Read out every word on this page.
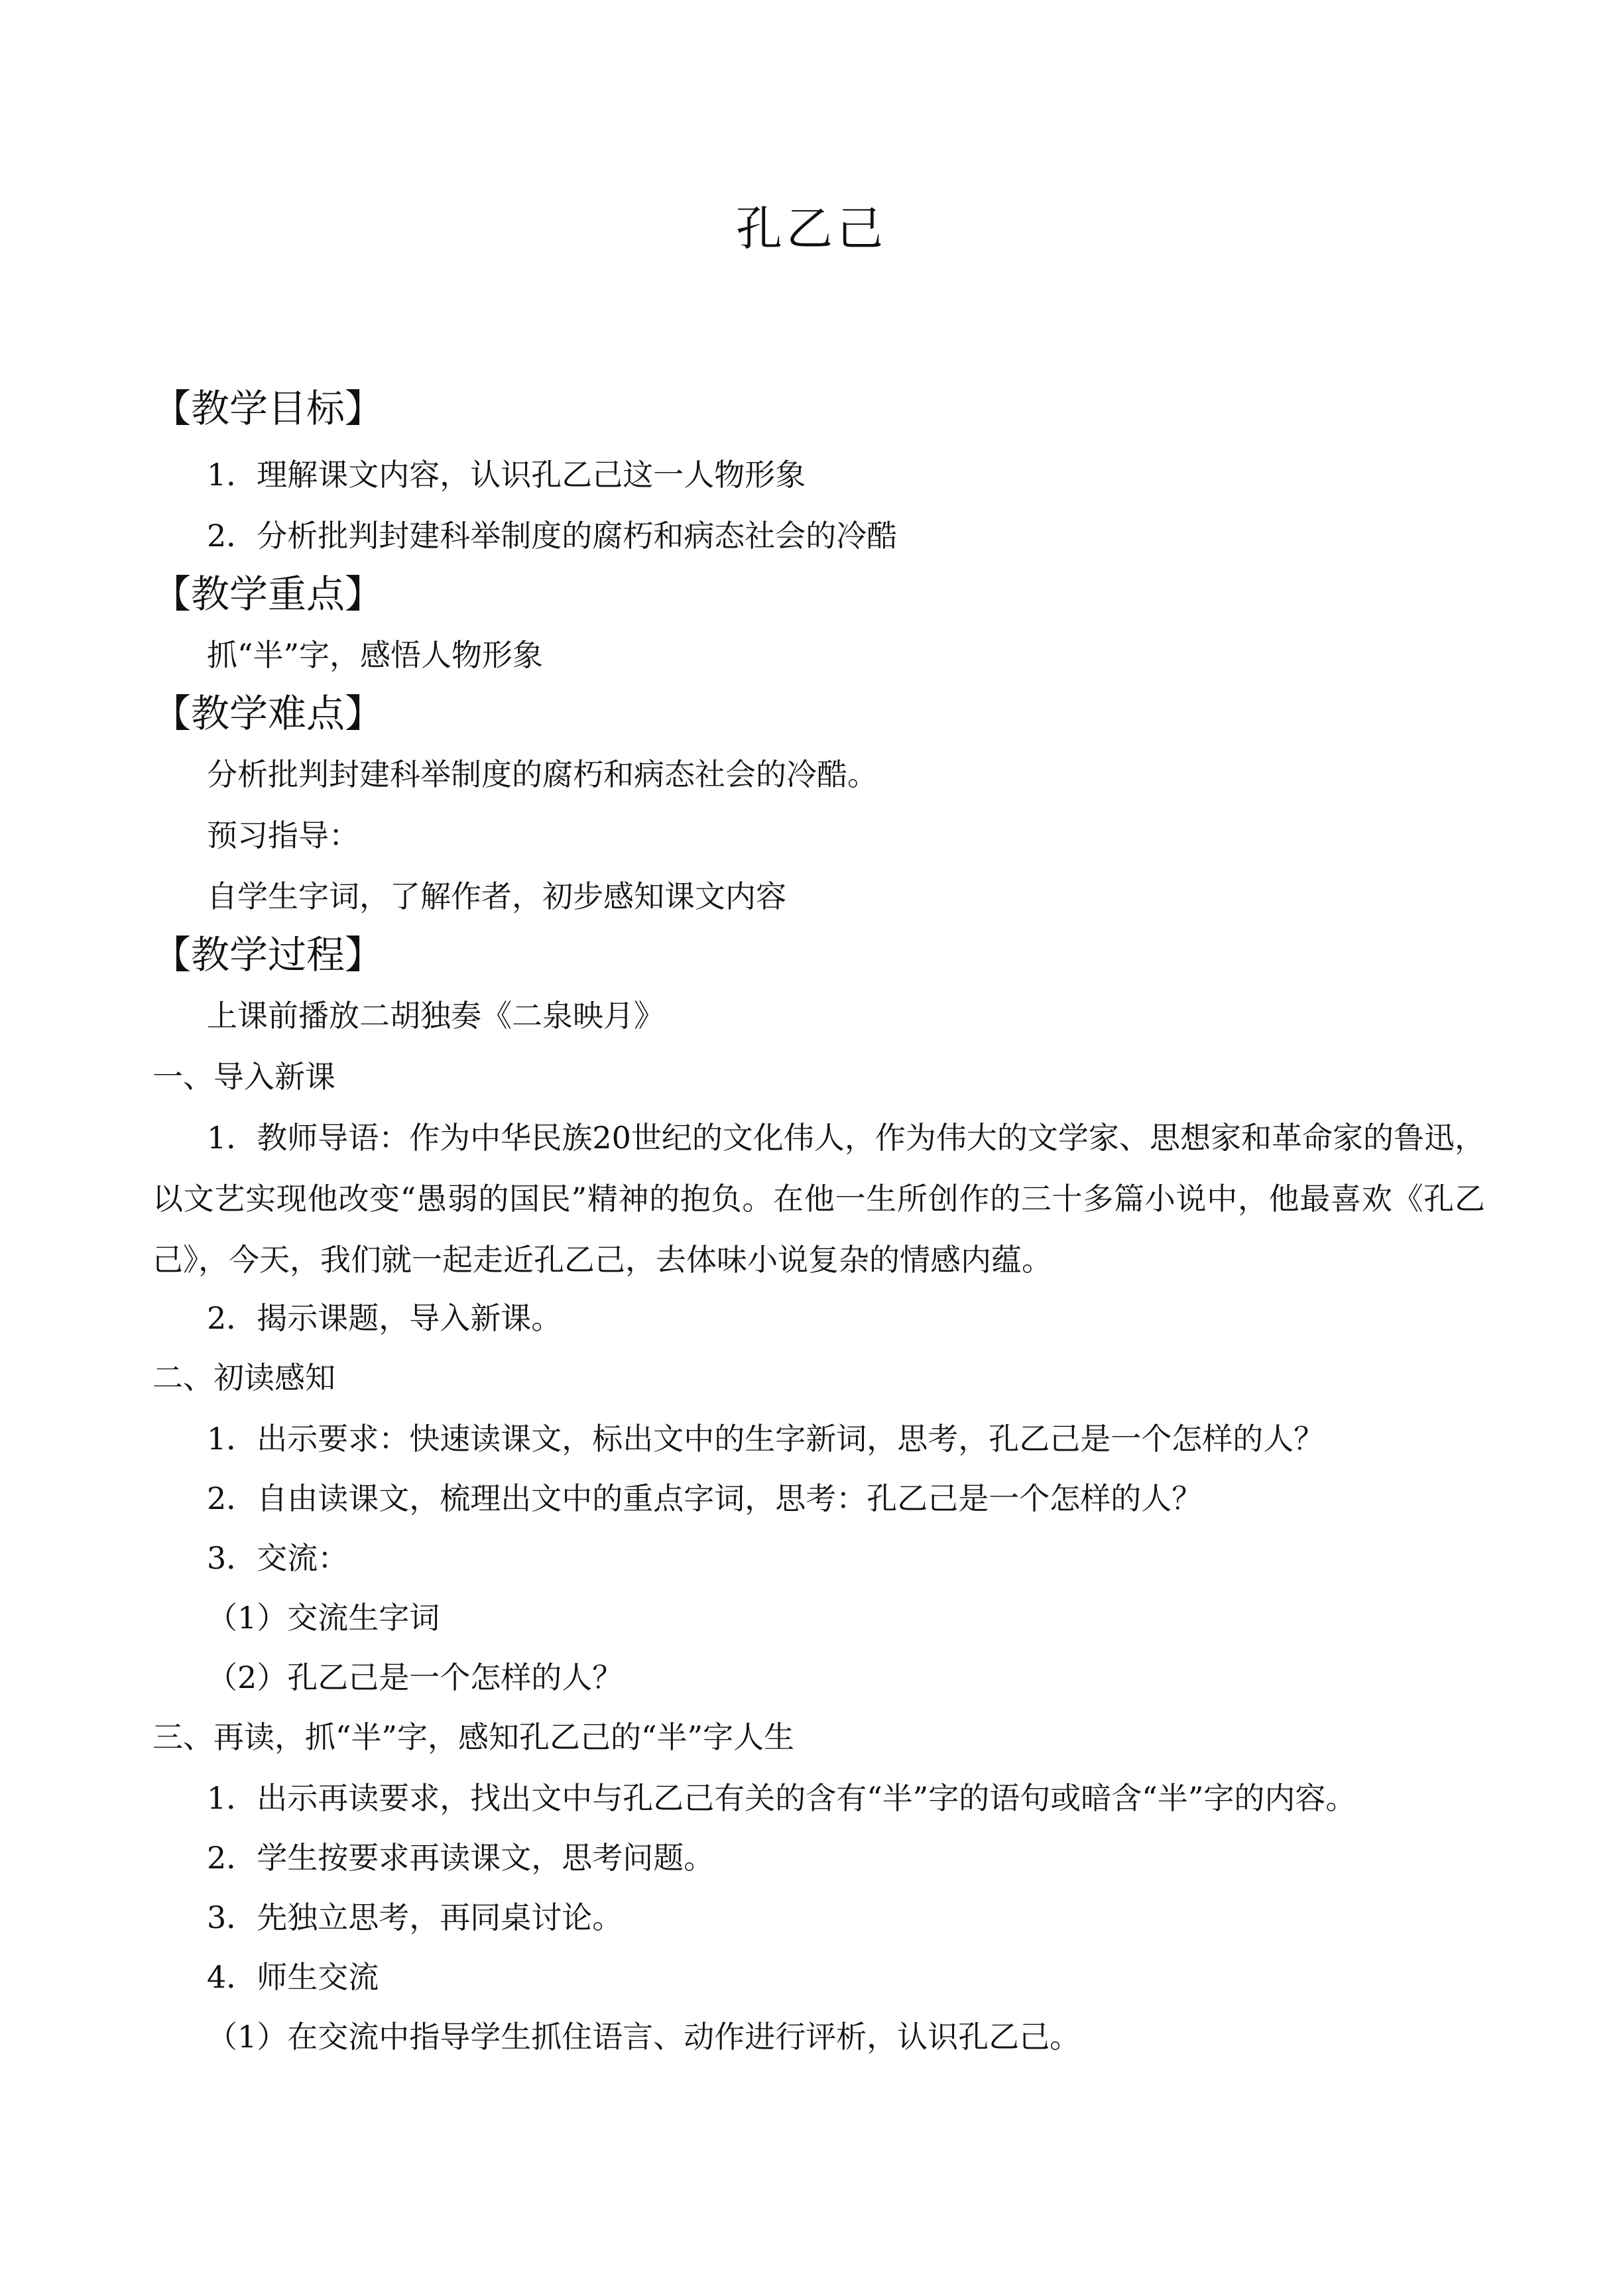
孔乙己
【教学目标】
1．理解课文内容，认识孔乙己这一人物形象
2．分析批判封建科举制度的腐朽和病态社会的冷酷
【教学重点】
抓“半”字，感悟人物形象
【教学难点】
分析批判封建科举制度的腐朽和病态社会的冷酷。
预习指导：
自学生字词，了解作者，初步感知课文内容
【教学过程】
上课前播放二胡独奏《二泉映月》
一、导入新课
1．教师导语：作为中华民族20世纪的文化伟人，作为伟大的文学家、思想家和革命家的鲁迅，以文艺实现他改变“愚弱的国民”精神的抱负。在他一生所创作的三十多篇小说中，他最喜欢《孔乙己》，今天，我们就一起走近孔乙己，去体味小说复杂的情感内蕴。
2．揭示课题，导入新课。
二、初读感知
1．出示要求：快速读课文，标出文中的生字新词，思考，孔乙己是一个怎样的人？
2．自由读课文，梳理出文中的重点字词，思考：孔乙己是一个怎样的人？
3．交流：
（1）交流生字词
（2）孔乙己是一个怎样的人？
三、再读，抓“半”字，感知孔乙己的“半”字人生
1．出示再读要求，找出文中与孔乙己有关的含有“半”字的语句或暗含“半”字的内容。
2．学生按要求再读课文，思考问题。
3．先独立思考，再同桌讨论。
4．师生交流
（1）在交流中指导学生抓住语言、动作进行评析，认识孔乙己。
